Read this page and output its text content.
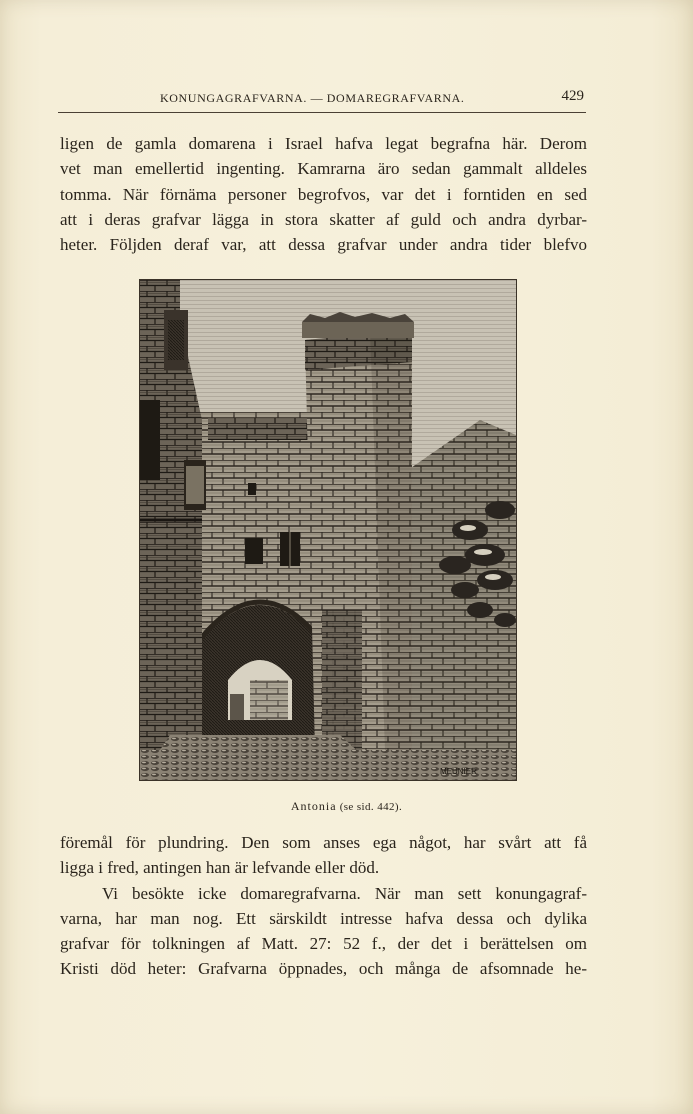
KONUNGAGRAFVARNA. — DOMAREGRAFVARNA.	429
ligen de gamla domarena i Israel hafva legat begrafna här. Derom
vet man emellertid ingenting. Kamrarna äro sedan gammalt alldeles
tomma. När förnäma personer begrofvos, var det i forntiden en sed
att i deras grafvar lägga in stora skatter af guld och andra dyrbar-
heter. Följden deraf var, att dessa grafvar under andra tider blefvo
MEUNIER
Antonia (se sid. 442).
föremål för plundring. Den som anses ega något, har svårt att få
ligga i fred, antingen han är lefvande eller död.
Vi besökte icke domaregrafvarna. När man sett konungagraf-
varna, har man nog. Ett särskildt intresse hafva dessa och dylika
grafvar för tolkningen af Matt. 27: 52 f., der det i berättelsen om
Kristi död heter: Grafvarna öppnades, och många de afsomnade he-
